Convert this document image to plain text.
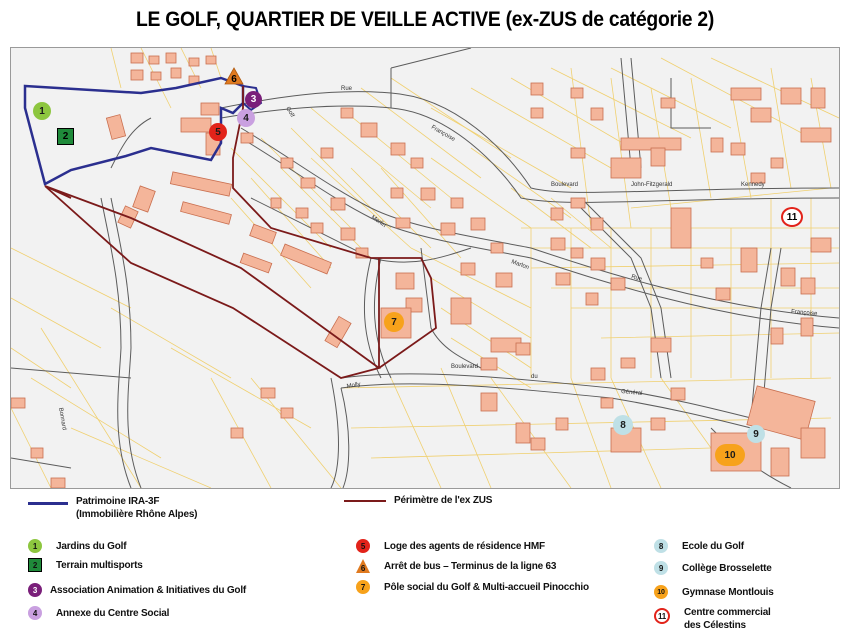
LE GOLF, QUARTIER DE VEILLE ACTIVE (ex-ZUS de catégorie 2)
Rue
Françoise
Boulevard	John-Fitzgerald	Kennedy
Merlin
Golf
Marlon
Général
Bonnard
Rue
Françoise
Boulevard
du
Molly
1
2
3
4
5
6
7
8
9
10
11
Patrimoine IRA-3F
(Immobilière Rhône Alpes)
Périmètre de l'ex ZUS
1	Jardins du Golf
2	Terrain multisports
3	Association Animation & Initiatives du Golf
4	Annexe du Centre Social
5	Loge des agents de résidence HMF
6 Arrêt de bus – Terminus de la ligne 63
7	Pôle social du Golf & Multi-accueil Pinocchio
8	Ecole du Golf
9	Collège Brosselette
10	Gymnase Montlouis
11	Centre commercial
des Célestins
